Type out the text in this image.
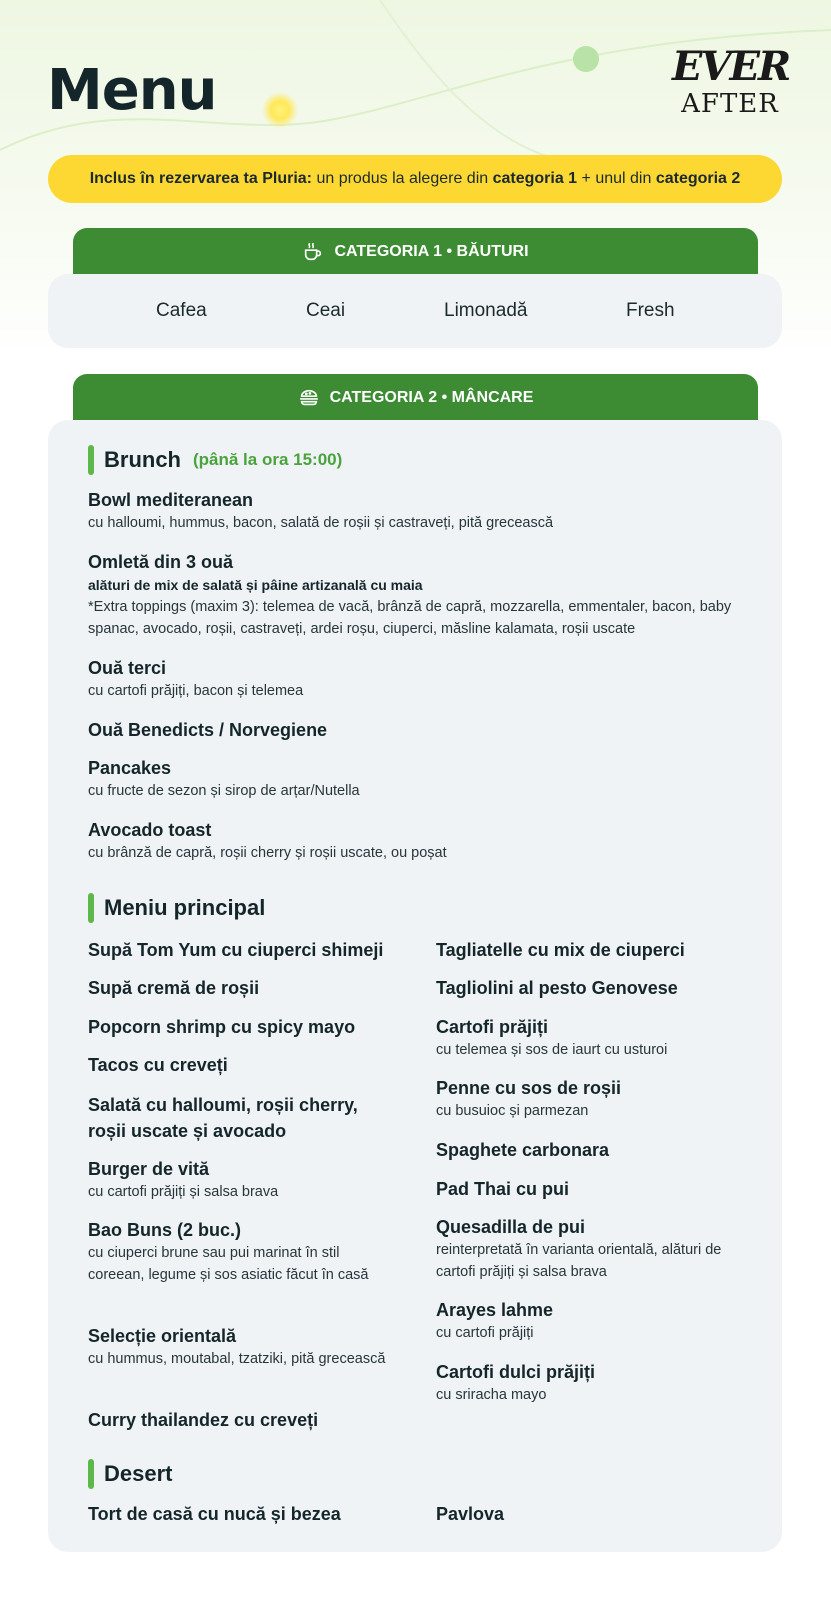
Menu	EVER
AFTER
Inclus în rezervarea ta Pluria: un produs la alegere din categoria 1 + unul din categoria 2
CATEGORIA 1 • BĂUTURI
Cafea	Ceai	Limonadă	Fresh
CATEGORIA 2 • MÂNCARE
Brunch (până la ora 15:00)
Bowl mediteranean
cu halloumi, hummus, bacon, salată de roșii și castraveți, pită grecească
Omletă din 3 ouă
alături de mix de salată și pâine artizanală cu maia
*Extra toppings (maxim 3): telemea de vacă, brânză de capră, mozzarella, emmentaler, bacon, baby spanac, avocado, roșii, castraveți, ardei roșu, ciuperci, măsline kalamata, roșii uscate
Ouă terci
cu cartofi prăjiți, bacon și telemea
Ouă Benedicts / Norvegiene
Pancakes
cu fructe de sezon și sirop de arțar/Nutella
Avocado toast
cu brânză de capră, roșii cherry și roșii uscate, ou poșat
Meniu principal
Supă Tom Yum cu ciuperci shimeji
Supă cremă de roșii
Popcorn shrimp cu spicy mayo
Tacos cu creveți
Salată cu halloumi, roșii cherry, roșii uscate și avocado
Burger de vită
cu cartofi prăjiți și salsa brava
Bao Buns (2 buc.)
cu ciuperci brune sau pui marinat în stil coreean, legume și sos asiatic făcut în casă
Selecție orientală
cu hummus, moutabal, tzatziki, pită grecească
Curry thailandez cu creveți
Tagliatelle cu mix de ciuperci
Tagliolini al pesto Genovese
Cartofi prăjiți
cu telemea și sos de iaurt cu usturoi
Penne cu sos de roșii
cu busuioc și parmezan
Spaghete carbonara
Pad Thai cu pui
Quesadilla de pui
reinterpretată în varianta orientală, alături de cartofi prăjiți și salsa brava
Arayes lahme
cu cartofi prăjiți
Cartofi dulci prăjiți
cu sriracha mayo
Desert
Tort de casă cu nucă și bezea	Pavlova
